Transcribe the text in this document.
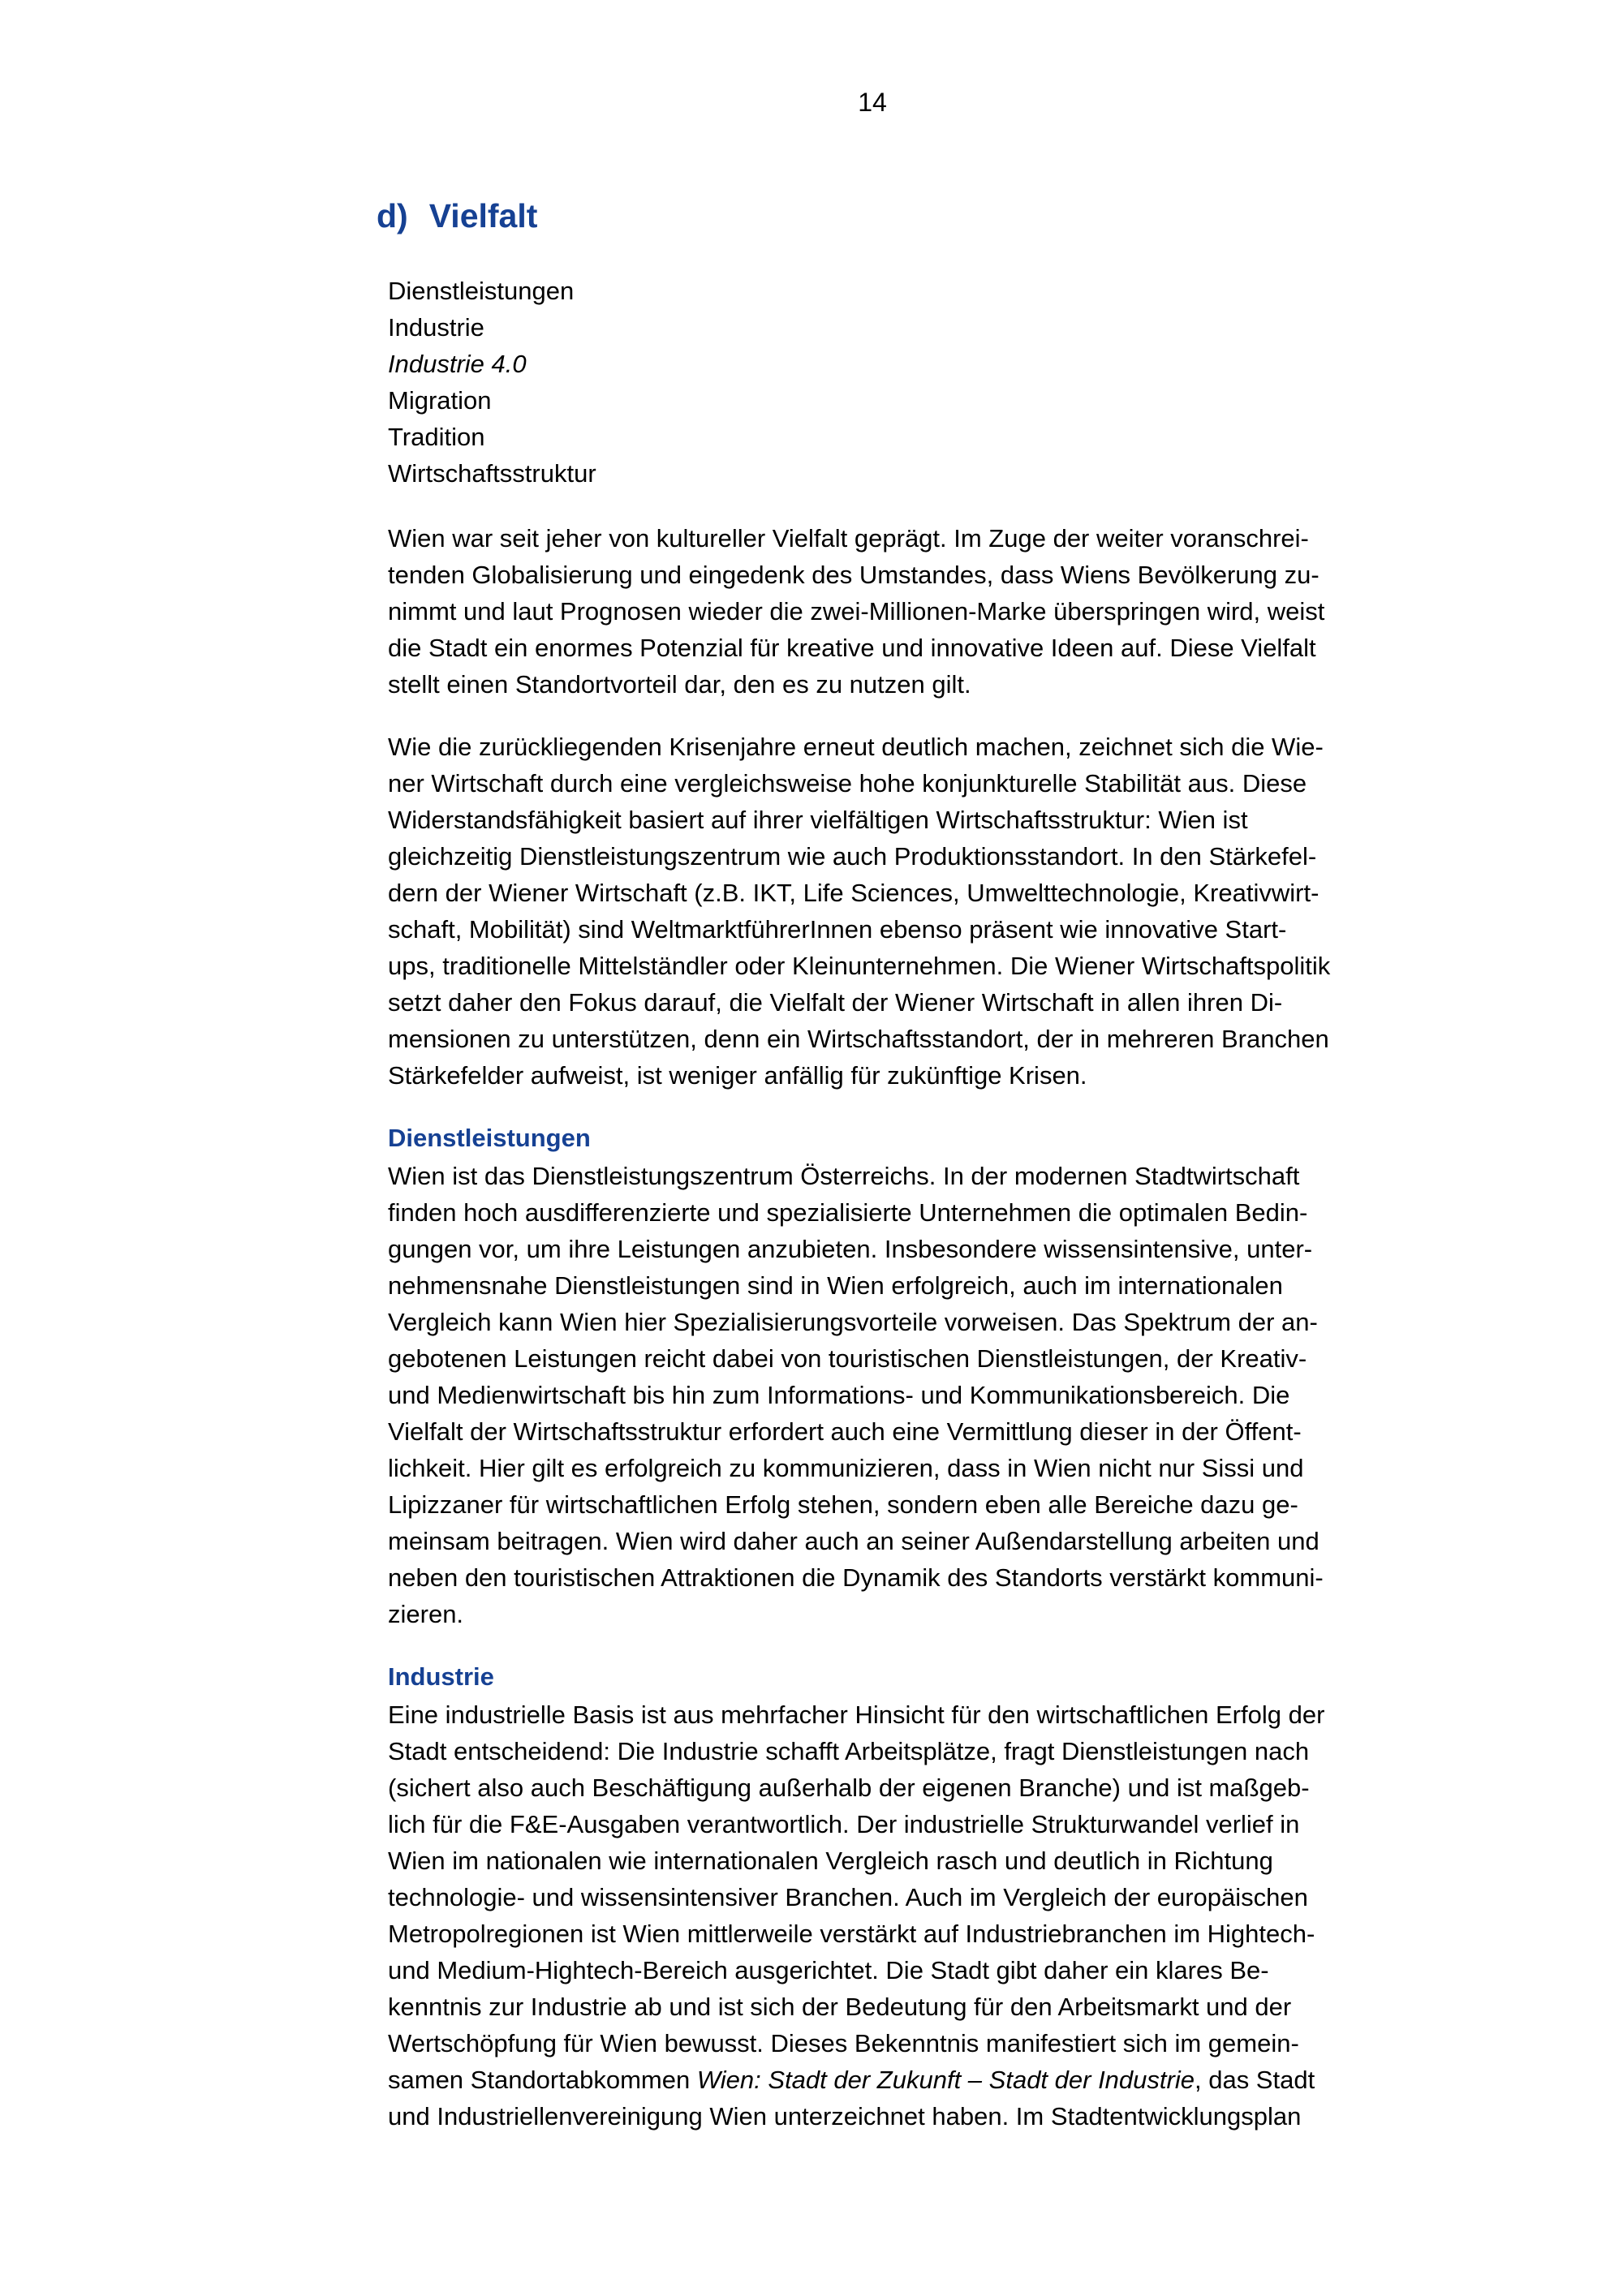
14
d) Vielfalt
Dienstleistungen
Industrie
Industrie 4.0
Migration
Tradition
Wirtschaftsstruktur
Wien war seit jeher von kultureller Vielfalt geprägt. Im Zuge der weiter voranschrei-
tenden Globalisierung und eingedenk des Umstandes, dass Wiens Bevölkerung zu-
nimmt und laut Prognosen wieder die zwei-Millionen-Marke überspringen wird, weist
die Stadt ein enormes Potenzial für kreative und innovative Ideen auf. Diese Vielfalt
stellt einen Standortvorteil dar, den es zu nutzen gilt.
Wie die zurückliegenden Krisenjahre erneut deutlich machen, zeichnet sich die Wie-
ner Wirtschaft durch eine vergleichsweise hohe konjunkturelle Stabilität aus. Diese
Widerstandsfähigkeit basiert auf ihrer vielfältigen Wirtschaftsstruktur: Wien ist
gleichzeitig Dienstleistungszentrum wie auch Produktionsstandort. In den Stärkefel-
dern der Wiener Wirtschaft (z.B. IKT, Life Sciences, Umwelttechnologie, Kreativwirt-
schaft, Mobilität) sind WeltmarktführerInnen ebenso präsent wie innovative Start-
ups, traditionelle Mittelständler oder Kleinunternehmen. Die Wiener Wirtschaftspolitik
setzt daher den Fokus darauf, die Vielfalt der Wiener Wirtschaft in allen ihren Di-
mensionen zu unterstützen, denn ein Wirtschaftsstandort, der in mehreren Branchen
Stärkefelder aufweist, ist weniger anfällig für zukünftige Krisen.
Dienstleistungen
Wien ist das Dienstleistungszentrum Österreichs. In der modernen Stadtwirtschaft
finden hoch ausdifferenzierte und spezialisierte Unternehmen die optimalen Bedin-
gungen vor, um ihre Leistungen anzubieten. Insbesondere wissensintensive, unter-
nehmensnahe Dienstleistungen sind in Wien erfolgreich, auch im internationalen
Vergleich kann Wien hier Spezialisierungsvorteile vorweisen. Das Spektrum der an-
gebotenen Leistungen reicht dabei von touristischen Dienstleistungen, der Kreativ-
und Medienwirtschaft bis hin zum Informations- und Kommunikationsbereich. Die
Vielfalt der Wirtschaftsstruktur erfordert auch eine Vermittlung dieser in der Öffent-
lichkeit. Hier gilt es erfolgreich zu kommunizieren, dass in Wien nicht nur Sissi und
Lipizzaner für wirtschaftlichen Erfolg stehen, sondern eben alle Bereiche dazu ge-
meinsam beitragen. Wien wird daher auch an seiner Außendarstellung arbeiten und
neben den touristischen Attraktionen die Dynamik des Standorts verstärkt kommuni-
zieren.
Industrie
Eine industrielle Basis ist aus mehrfacher Hinsicht für den wirtschaftlichen Erfolg der
Stadt entscheidend: Die Industrie schafft Arbeitsplätze, fragt Dienstleistungen nach
(sichert also auch Beschäftigung außerhalb der eigenen Branche) und ist maßgeb-
lich für die F&E-Ausgaben verantwortlich. Der industrielle Strukturwandel verlief in
Wien im nationalen wie internationalen Vergleich rasch und deutlich in Richtung
technologie- und wissensintensiver Branchen. Auch im Vergleich der europäischen
Metropolregionen ist Wien mittlerweile verstärkt auf Industriebranchen im Hightech-
und Medium-Hightech-Bereich ausgerichtet. Die Stadt gibt daher ein klares Be-
kenntnis zur Industrie ab und ist sich der Bedeutung für den Arbeitsmarkt und der
Wertschöpfung für Wien bewusst. Dieses Bekenntnis manifestiert sich im gemein-
samen Standortabkommen Wien: Stadt der Zukunft – Stadt der Industrie, das Stadt
und Industriellenvereinigung Wien unterzeichnet haben. Im Stadtentwicklungsplan
